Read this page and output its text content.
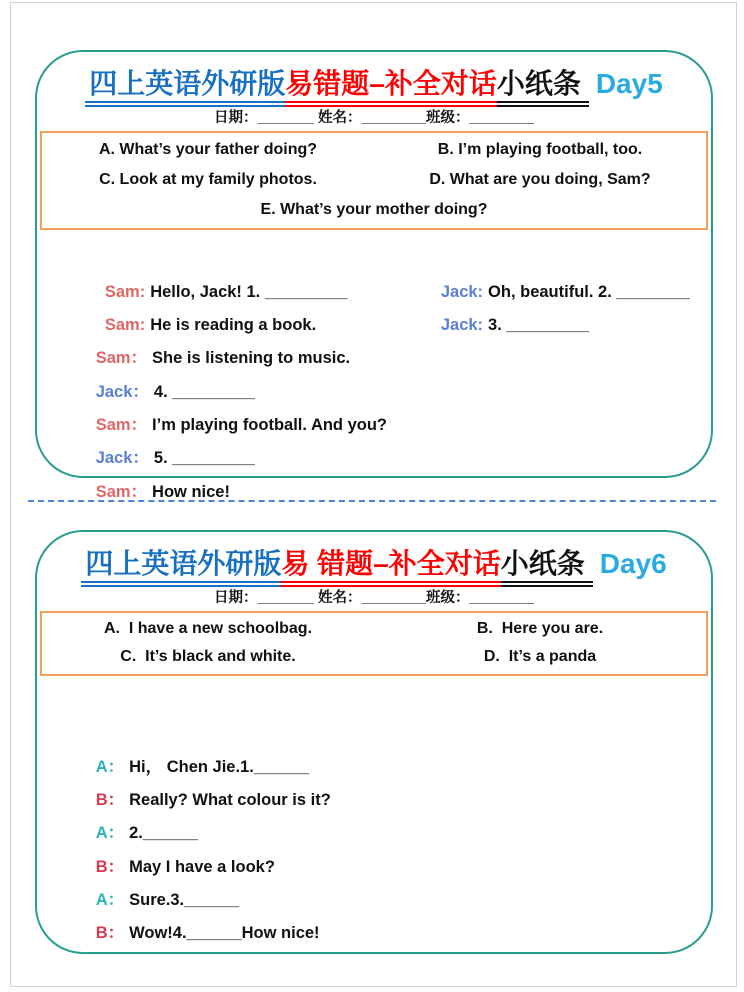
四上英语外研版易错题–补全对话小纸条 Day5
日期：_______ 姓名：________班级：________
A. What’s your father doing?	B. I’m playing football, too.
C. Look at my family photos.	D. What are you doing, Sam?
E. What’s your mother doing?

Sam: Hello, Jack! 1. _________
	Jack: Oh, beautiful. 2. ________

Sam: He is reading a book.
	Jack: 3. _________

Sam： She is listening to music.

Jack： 4. _________

Sam： I’m playing football. And you?

Jack： 5. _________

Sam： How nice!

四上英语外研版易 错题–补全对话小纸条 Day6
日期：_______ 姓名：________班级：________
A.  I have a new schoolbag.	B.  Here you are.
C.  It’s black and white.	D.  It’s a panda

A： Hi， Chen Jie.1.______

B： Really? What colour is it?

A： 2.______

B： May I have a look?

A： Sure.3.______

B： Wow!4.______How nice!
